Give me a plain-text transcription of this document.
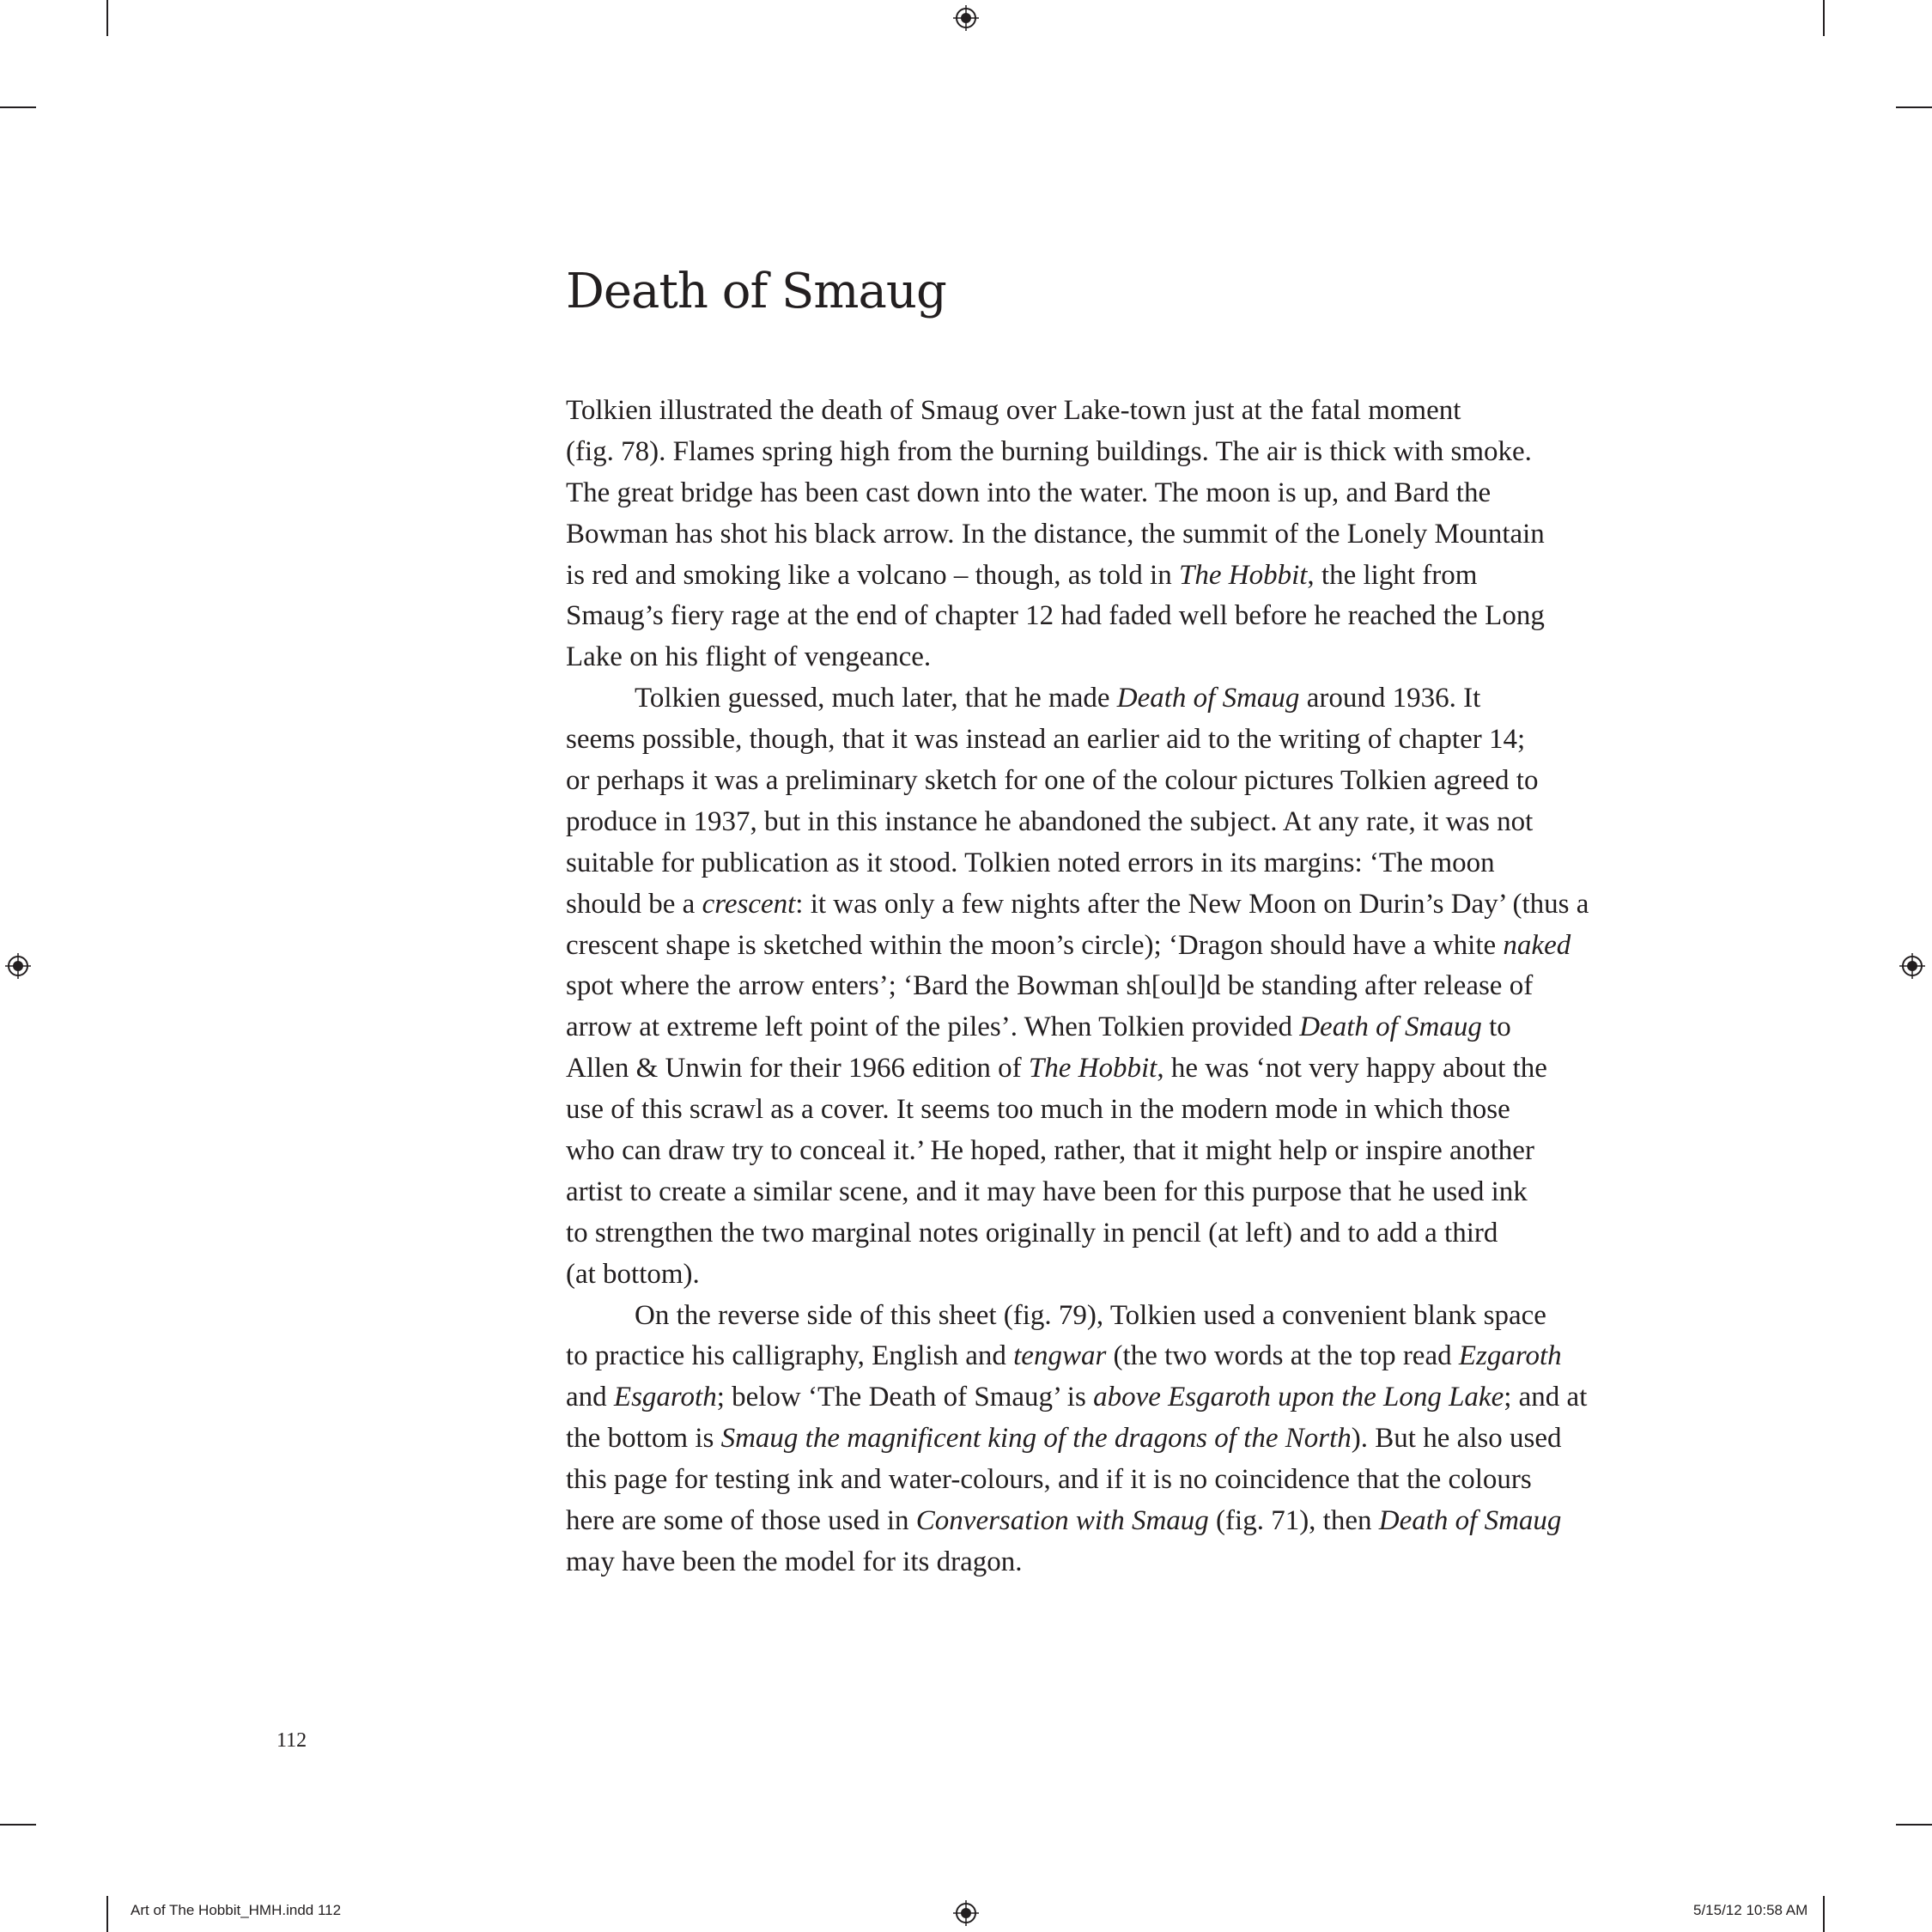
Death of Smaug
Tolkien illustrated the death of Smaug over Lake-town just at the fatal moment
(fig. 78). Flames spring high from the burning buildings. The air is thick with smoke.
The great bridge has been cast down into the water. The moon is up, and Bard the
Bowman has shot his black arrow. In the distance, the summit of the Lonely Mountain
is red and smoking like a volcano – though, as told in The Hobbit, the light from
Smaug’s fiery rage at the end of chapter 12 had faded well before he reached the Long
Lake on his flight of vengeance.
Tolkien guessed, much later, that he made Death of Smaug around 1936. It
seems possible, though, that it was instead an earlier aid to the writing of chapter 14;
or perhaps it was a preliminary sketch for one of the colour pictures Tolkien agreed to
produce in 1937, but in this instance he abandoned the subject. At any rate, it was not
suitable for publication as it stood. Tolkien noted errors in its margins: ‘The moon
should be a crescent: it was only a few nights after the New Moon on Durin’s Day’ (thus a
crescent shape is sketched within the moon’s circle); ‘Dragon should have a white naked
spot where the arrow enters’; ‘Bard the Bowman sh[oul]d be standing after release of
arrow at extreme left point of the piles’. When Tolkien provided Death of Smaug to
Allen & Unwin for their 1966 edition of The Hobbit, he was ‘not very happy about the
use of this scrawl as a cover. It seems too much in the modern mode in which those
who can draw try to conceal it.’ He hoped, rather, that it might help or inspire another
artist to create a similar scene, and it may have been for this purpose that he used ink
to strengthen the two marginal notes originally in pencil (at left) and to add a third
(at bottom).
On the reverse side of this sheet (fig. 79), Tolkien used a convenient blank space
to practice his calligraphy, English and tengwar (the two words at the top read Ezgaroth
and Esgaroth; below ‘The Death of Smaug’ is above Esgaroth upon the Long Lake; and at
the bottom is Smaug the magnificent king of the dragons of the North). But he also used
this page for testing ink and water-colours, and if it is no coincidence that the colours
here are some of those used in Conversation with Smaug (fig. 71), then Death of Smaug
may have been the model for its dragon.
112
Art of The Hobbit_HMH.indd 112	5/15/12 10:58 AM
